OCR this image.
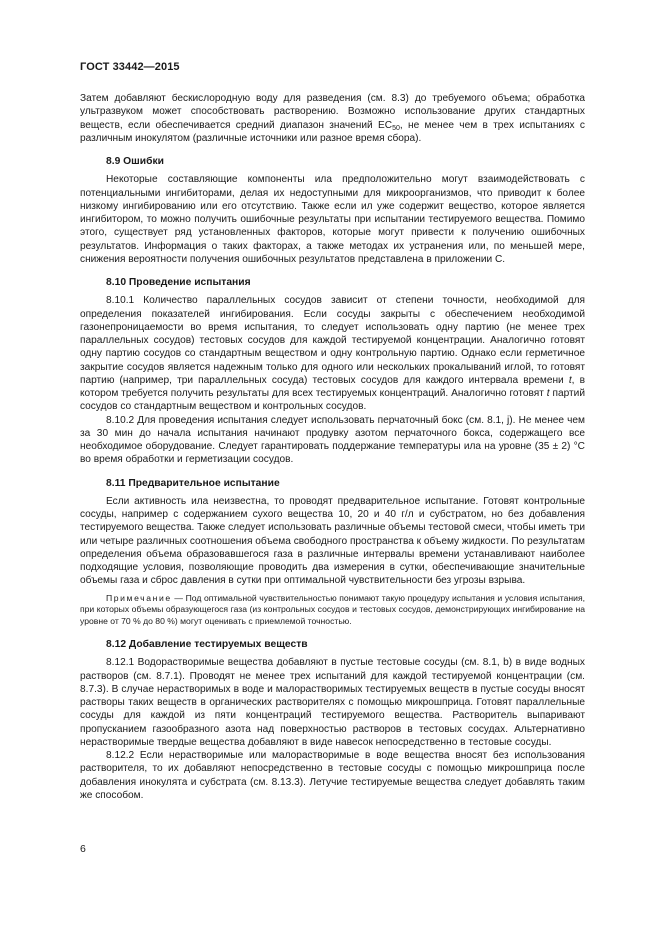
ГОСТ 33442—2015

Затем добавляют бескислородную воду для разведения (см. 8.3) до требуемого объема; обработка ультразвуком может способствовать растворению. Возможно использование других стандартных веществ, если обеспечивается средний диапазон значений $EC_{50}$, не менее чем в трех испытаниях с различным инокулятом (различные источники или разное время сбора).

8.9 Ошибки

Некоторые составляющие компоненты ила предположительно могут взаимодействовать с потенциальными ингибиторами, делая их недоступными для микроорганизмов, что приводит к более низкому ингибированию или его отсутствию. Также если ил уже содержит вещество, которое является ингибитором, то можно получить ошибочные результаты при испытании тестируемого вещества. Помимо этого, существует ряд установленных факторов, которые могут привести к получению ошибочных результатов. Информация о таких факторах, а также методах их устранения или, по меньшей мере, снижения вероятности получения ошибочных результатов представлена в приложении С.

8.10 Проведение испытания

8.10.1 Количество параллельных сосудов зависит от степени точности, необходимой для определения показателей ингибирования. Если сосуды закрыты с обеспечением необходимой газонепроницаемости во время испытания, то следует использовать одну партию (не менее трех параллельных сосудов) тестовых сосудов для каждой тестируемой концентрации. Аналогично готовят одну партию сосудов со стандартным веществом и одну контрольную партию. Однако если герметичное закрытие сосудов является надежным только для одного или нескольких прокалываний иглой, то готовят партию (например, три параллельных сосуда) тестовых сосудов для каждого интервала времени t, в котором требуется получить результаты для всех тестируемых концентраций. Аналогично готовят t партий сосудов со стандартным веществом и контрольных сосудов.

8.10.2 Для проведения испытания следует использовать перчаточный бокс (см. 8.1, j). Не менее чем за 30 мин до начала испытания начинают продувку азотом перчаточного бокса, содержащего все необходимое оборудование. Следует гарантировать поддержание температуры ила на уровне (35 ± 2) °С во время обработки и герметизации сосудов.

8.11 Предварительное испытание

Если активность ила неизвестна, то проводят предварительное испытание. Готовят контрольные сосуды, например с содержанием сухого вещества 10, 20 и 40 г/л и субстратом, но без добавления тестируемого вещества. Также следует использовать различные объемы тестовой смеси, чтобы иметь три или четыре различных соотношения объема свободного пространства к объему жидкости. По результатам определения объема образовавшегося газа в различные интервалы времени устанавливают наиболее подходящие условия, позволяющие проводить два измерения в сутки, обеспечивающие значительные объемы газа и сброс давления в сутки при оптимальной чувствительности без угрозы взрыва.

Примечание — Под оптимальной чувствительностью понимают такую процедуру испытания и условия испытания, при которых объемы образующегося газа (из контрольных сосудов и тестовых сосудов, демонстрирующих ингибирование на уровне от 70 % до 80 %) могут оценивать с приемлемой точностью.

8.12 Добавление тестируемых веществ

8.12.1 Водорастворимые вещества добавляют в пустые тестовые сосуды (см. 8.1, b) в виде водных растворов (см. 8.7.1). Проводят не менее трех испытаний для каждой тестируемой концентрации (см. 8.7.3). В случае нерастворимых в воде и малорастворимых тестируемых веществ в пустые сосуды вносят растворы таких веществ в органических растворителях с помощью микрошприца. Готовят параллельные сосуды для каждой из пяти концентраций тестируемого вещества. Растворитель выпаривают пропусканием газообразного азота над поверхностью растворов в тестовых сосудах. Альтернативно нерастворимые твердые вещества добавляют в виде навесок непосредственно в тестовые сосуды.

8.12.2 Если нерастворимые или малорастворимые в воде вещества вносят без использования растворителя, то их добавляют непосредственно в тестовые сосуды с помощью микрошприца после добавления инокулята и субстрата (см. 8.13.3). Летучие тестируемые вещества следует добавлять таким же способом.

6
